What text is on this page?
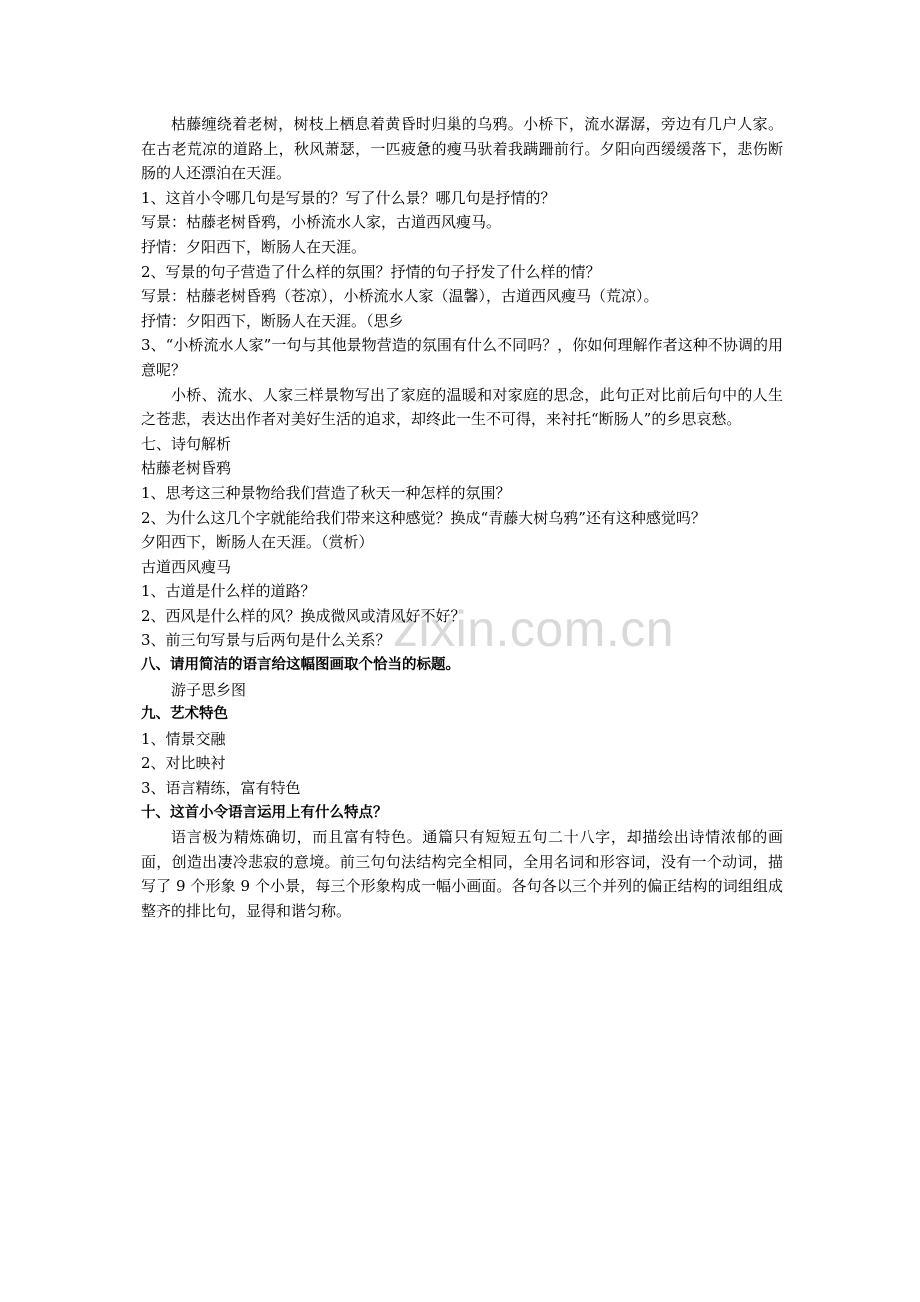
zixin.com.cn
枯藤缠绕着老树，树枝上栖息着黄昏时归巢的乌鸦。小桥下，流水潺潺，旁边有几户人家。在古老荒凉的道路上，秋风萧瑟，一匹疲惫的瘦马驮着我蹒跚前行。夕阳向西缓缓落下，悲伤断肠的人还漂泊在天涯。
1、这首小令哪几句是写景的？写了什么景？哪几句是抒情的？
写景：枯藤老树昏鸦，小桥流水人家，古道西风瘦马。
抒情：夕阳西下，断肠人在天涯。
2、写景的句子营造了什么样的氛围？抒情的句子抒发了什么样的情？
写景：枯藤老树昏鸦（苍凉），小桥流水人家（温馨），古道西风瘦马（荒凉）。
抒情：夕阳西下，断肠人在天涯。（思乡
3、“小桥流水人家”一句与其他景物营造的氛围有什么不同吗？，你如何理解作者这种不协调的用意呢？
小桥、流水、人家三样景物写出了家庭的温暖和对家庭的思念，此句正对比前后句中的人生之苍悲，表达出作者对美好生活的追求，却终此一生不可得，来衬托“断肠人”的乡思哀愁。
七、诗句解析
枯藤老树昏鸦
1、思考这三种景物给我们营造了秋天一种怎样的氛围？
2、为什么这几个字就能给我们带来这种感觉？换成“青藤大树乌鸦”还有这种感觉吗？
夕阳西下，断肠人在天涯。（赏析）
古道西风瘦马
1、古道是什么样的道路？
2、西风是什么样的风？换成微风或清风好不好？
3、前三句写景与后两句是什么关系？
八、请用简洁的语言给这幅图画取个恰当的标题。
游子思乡图
九、艺术特色
1、情景交融
2、对比映衬
3、语言精练，富有特色
十、这首小令语言运用上有什么特点？
语言极为精炼确切，而且富有特色。通篇只有短短五句二十八字，却描绘出诗情浓郁的画面，创造出凄冷悲寂的意境。前三句句法结构完全相同，全用名词和形容词，没有一个动词，描写了 9 个形象 9 个小景，每三个形象构成一幅小画面。各句各以三个并列的偏正结构的词组组成整齐的排比句，显得和谐匀称。
